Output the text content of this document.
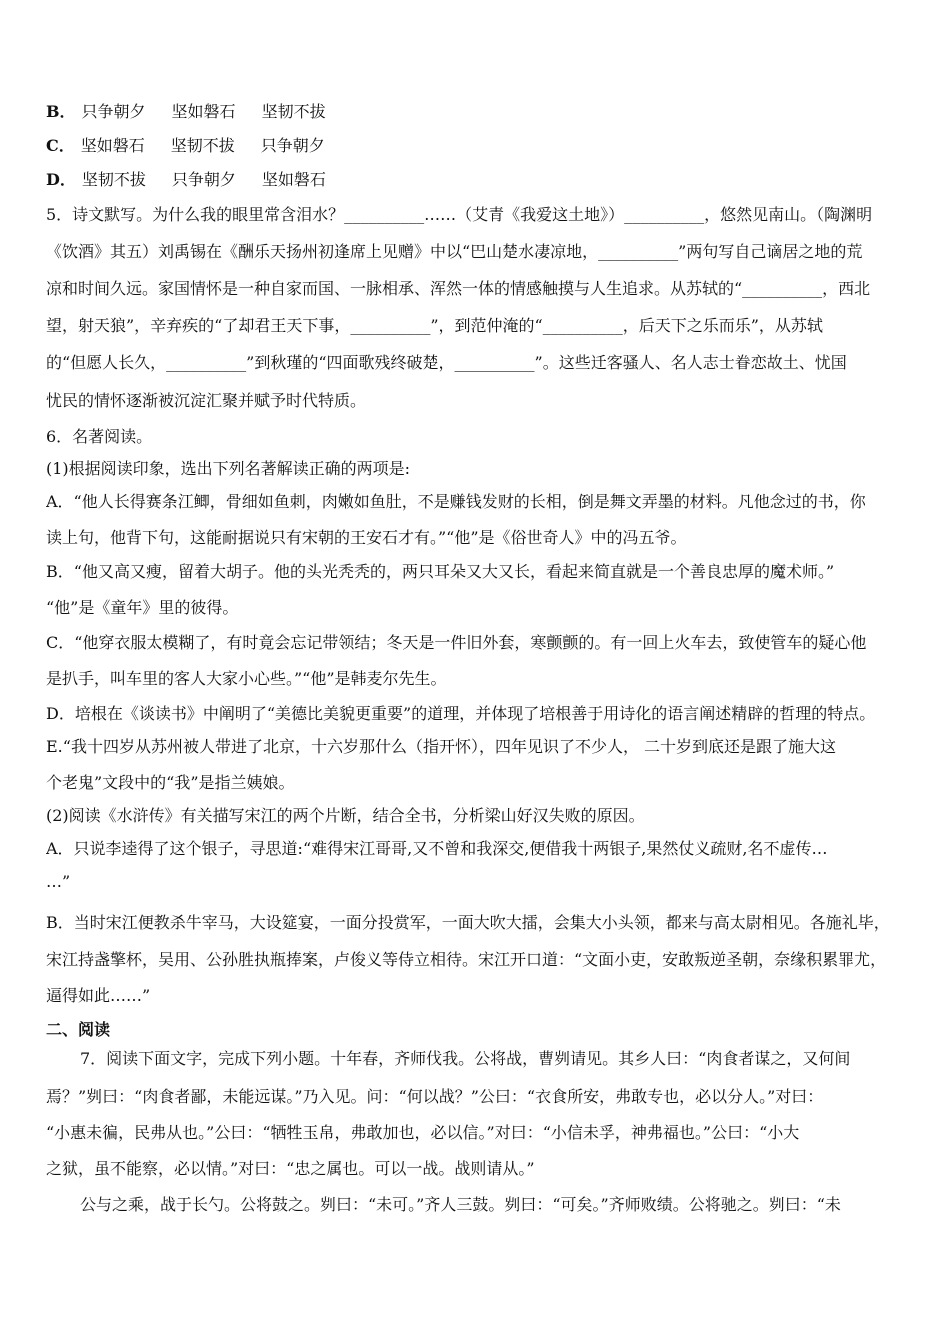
B． 只争朝夕 坚如磐石 坚韧不拔
C． 坚如磐石 坚韧不拔 只争朝夕
D． 坚韧不拔 只争朝夕 坚如磐石
5．诗文默写。为什么我的眼里常含泪水？__________……（艾青《我爱这土地》）__________，悠然见南山。（陶渊明
《饮酒》其五）刘禹锡在《酬乐天扬州初逢席上见赠》中以“巴山楚水凄凉地，__________”两句写自己谪居之地的荒
凉和时间久远。家国情怀是一种自家而国、一脉相承、浑然一体的情感触摸与人生追求。从苏轼的“__________，西北
望，射天狼”，辛弃疾的“了却君王天下事，__________”，到范仲淹的“__________，后天下之乐而乐”，从苏轼
的“但愿人长久，__________”到秋瑾的“四面歌残终破楚，__________”。这些迁客骚人、名人志士眷恋故土、忧国
忧民的情怀逐渐被沉淀汇聚并赋予时代特质。
6．名著阅读。
(1)根据阅读印象，选出下列名著解读正确的两项是:
A．“他人长得赛条江鲫，骨细如鱼刺，肉嫩如鱼肚，不是赚钱发财的长相，倒是舞文弄墨的材料。凡他念过的书，你
读上句，他背下句，这能耐据说只有宋朝的王安石才有。”“他”是《俗世奇人》中的冯五爷。
B．“他又高又瘦，留着大胡子。他的头光秃秃的，两只耳朵又大又长，看起来简直就是一个善良忠厚的魔术师。”
“他”是《童年》里的彼得。
C．“他穿衣服太模糊了，有时竟会忘记带领结；冬天是一件旧外套，寒颤颤的。有一回上火车去，致使管车的疑心他
是扒手，叫车里的客人大家小心些。”“他”是韩麦尔先生。
D．培根在《谈读书》中阐明了“美德比美貌更重要”的道理，并体现了培根善于用诗化的语言阐述精辟的哲理的特点。
E.“我十四岁从苏州被人带进了北京，十六岁那什么（指开怀），四年见识了不少人， 二十岁到底还是跟了施大这
个老鬼”文段中的“我”是指兰姨娘。
(2)阅读《水浒传》有关描写宋江的两个片断，结合全书，分析梁山好汉失败的原因。
A．只说李逵得了这个银子，寻思道:“难得宋江哥哥,又不曾和我深交,便借我十两银子,果然仗义疏财,名不虚传…
…”
B．当时宋江便教杀牛宰马，大设筵宴，一面分投赏军，一面大吹大擂，会集大小头领，都来与高太尉相见。各施礼毕，
宋江持盏擎杯，吴用、公孙胜执瓶捧案，卢俊义等侍立相待。宋江开口道：“文面小吏，安敢叛逆圣朝，奈缘积累罪尤，
逼得如此……”
二、阅读
7．阅读下面文字，完成下列小题。十年春，齐师伐我。公将战，曹刿请见。其乡人曰：“肉食者谋之，又何间
焉？”刿曰：“肉食者鄙，未能远谋。”乃入见。问：“何以战？”公曰：“衣食所安，弗敢专也，必以分人。”对曰：
“小惠未徧，民弗从也。”公曰：“牺牲玉帛，弗敢加也，必以信。”对曰：“小信未孚，神弗福也。”公曰：“小大
之狱，虽不能察，必以情。”对曰：“忠之属也。可以一战。战则请从。”
公与之乘，战于长勺。公将鼓之。刿曰：“未可。”齐人三鼓。刿曰：“可矣。”齐师败绩。公将驰之。刿曰：“未
